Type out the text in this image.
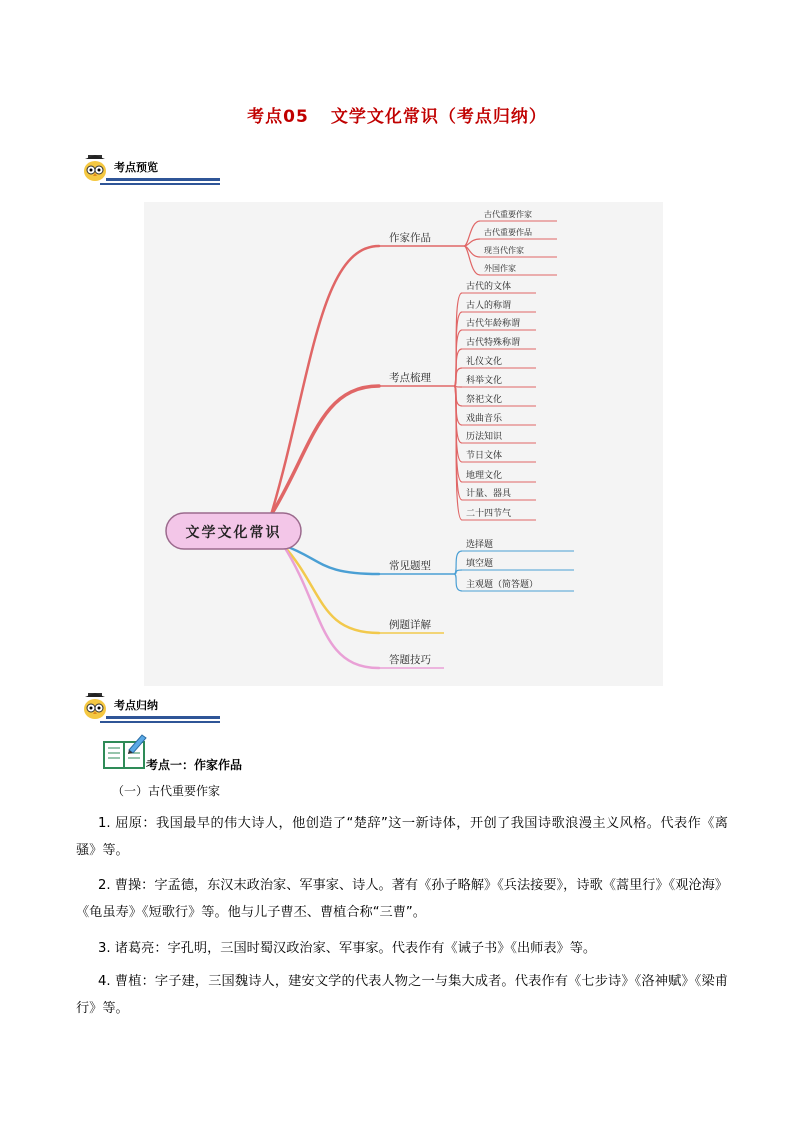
考点05 文学文化常识（考点归纳）
考点预览
作家作品
古代重要作家
古代重要作品
现当代作家
外国作家
考点梳理
古代的文体
古人的称谓
古代年龄称谓
古代特殊称谓
礼仪文化
科举文化
祭祀文化
戏曲音乐
历法知识
节日文体
地理文化
计量、器具
二十四节气
常见题型
选择题
填空题
主观题（简答题）
例题详解
答题技巧
文学文化常识
考点归纳
考点一：作家作品
（一）古代重要作家
1. 屈原：我国最早的伟大诗人，他创造了“楚辞”这一新诗体，开创了我国诗歌浪漫主义风格。代表作《离骚》等。
2. 曹操：字孟德，东汉末政治家、军事家、诗人。著有《孙子略解》《兵法接要》，诗歌《蒿里行》《观沧海》《龟虽寿》《短歌行》等。他与儿子曹丕、曹植合称“三曹”。
3. 诸葛亮：字孔明，三国时蜀汉政治家、军事家。代表作有《诫子书》《出师表》等。
4. 曹植：字子建，三国魏诗人，建安文学的代表人物之一与集大成者。代表作有《七步诗》《洛神赋》《梁甫行》等。
